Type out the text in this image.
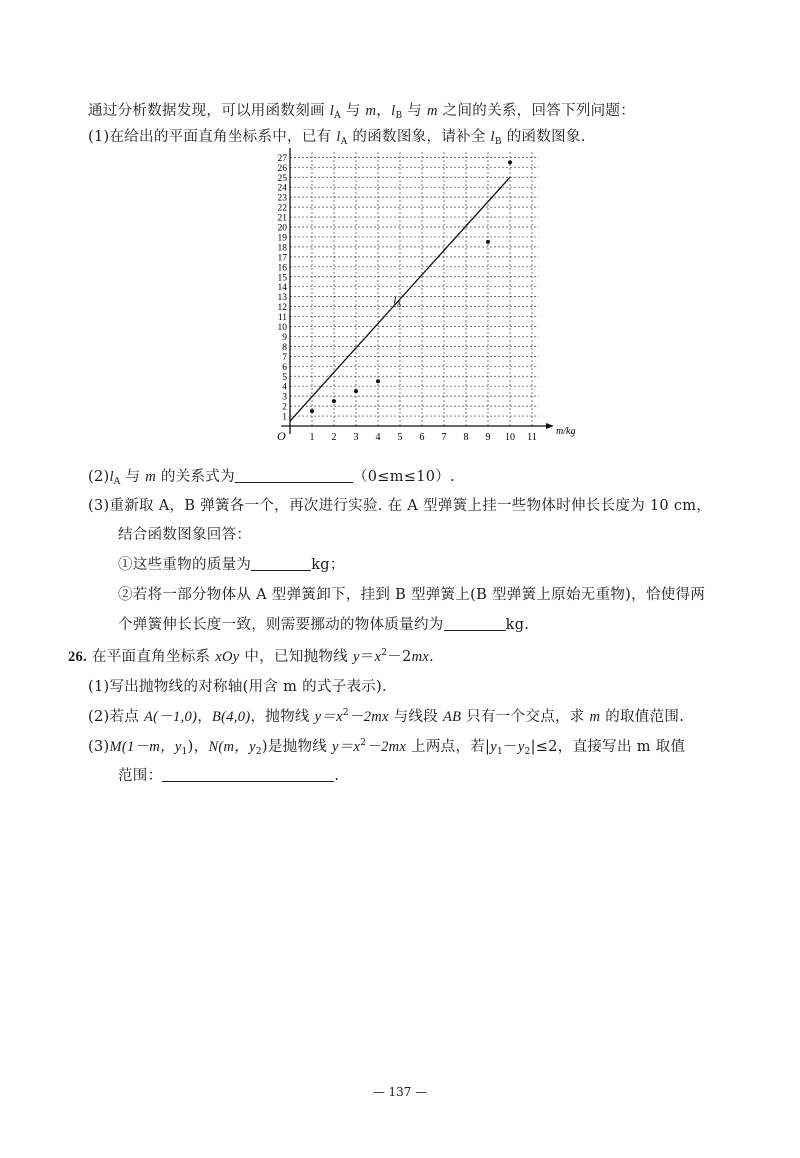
通过分析数据发现，可以用函数刻画 $l_A$ 与 m，$l_B$ 与 m 之间的关系，回答下列问题：
(1)在给出的平面直角坐标系中，已有 $l_A$ 的函数图象，请补全 $l_B$ 的函数图象.
1 2 3 4 5 6 7 8 9 10 11
1
2
3
4
5
6
7
8
9
10
11
12
13
14
15
16
17
18
19
20
21
22
23
24
25
26
27
m/kg
O
$l_A$
$(2)l_A$ 与 m 的关系式为	（0≤m≤10）.
(3)重新取 A，B 弹簧各一个，再次进行实验. 在 A 型弹簧上挂一些物体时伸长长度为 10 cm，
结合函数图象回答：
①这些重物的质量为	kg；
②若将一部分物体从 A 型弹簧卸下，挂到 B 型弹簧上(B 型弹簧上原始无重物)，恰使得两
个弹簧伸长长度一致，则需要挪动的物体质量约为	kg.
26. 在平面直角坐标系 xOy 中，已知抛物线 $y=x^2-2mx$.
(1)写出抛物线的对称轴(用含 m 的式子表示).
(2)若点 A(－1,0)，B(4,0)，抛物线 $y=x^2-2mx$ 与线段 AB 只有一个交点，求 m 的取值范围.
(3)M(1－m，$y_1$)，N(m，$y_2$)是抛物线 $y=x^2-2mx$ 上两点，若$|y_1-y_2|\le 2$，直接写出 m 取值
范围：	.
— 137 —
